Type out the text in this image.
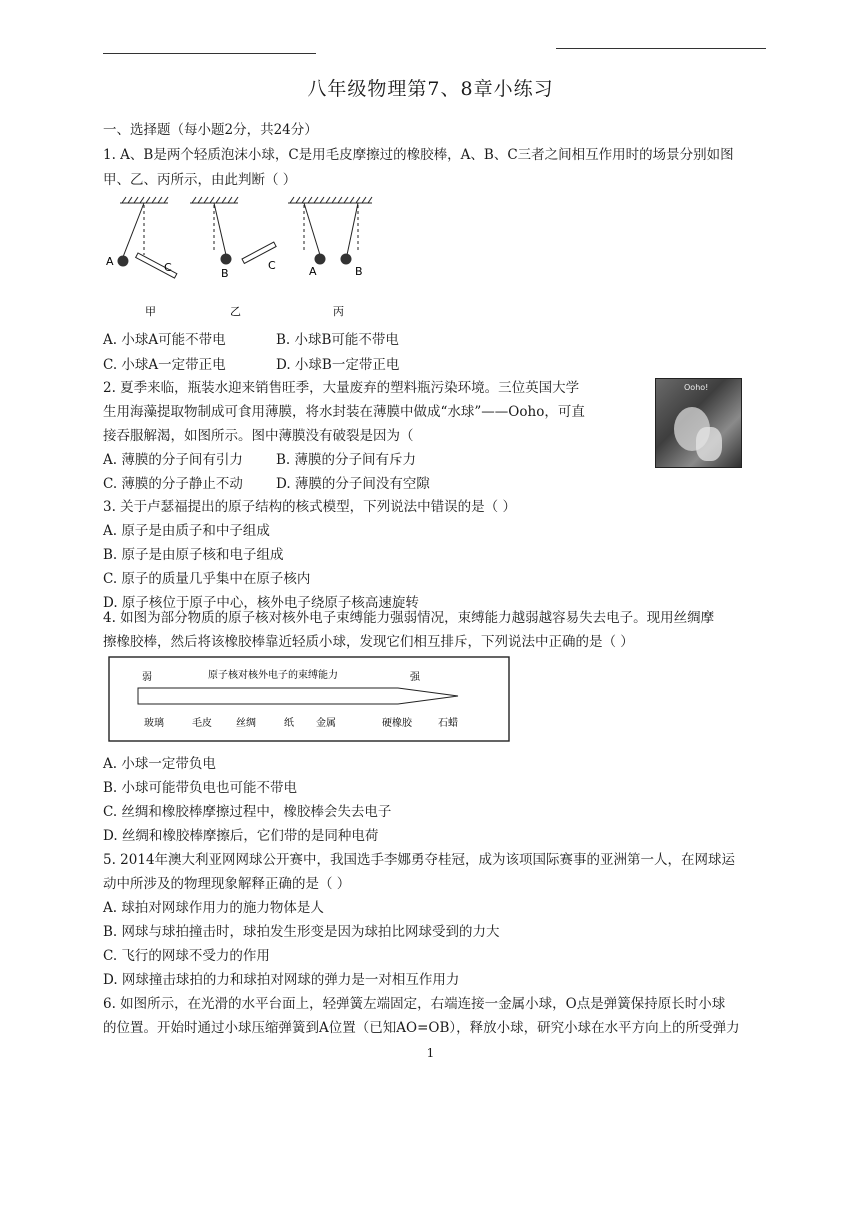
八年级物理第7、8章小练习
一、选择题（每小题2分，共24分）
1. A、B是两个轻质泡沫小球，C是用毛皮摩擦过的橡胶棒，A、B、C三者之间相互作用时的场景分别如图
甲、乙、丙所示，由此判断（ ）
A	C	B
C	A	B
甲	乙	丙
A. 小球A可能不带电	B. 小球B可能不带电
C. 小球A一定带正电	D. 小球B一定带正电
2. 夏季来临，瓶装水迎来销售旺季，大量废弃的塑料瓶污染环境。三位英国大学
生用海藻提取物制成可食用薄膜，将水封装在薄膜中做成“水球”——Ooho，可直
接吞服解渴，如图所示。图中薄膜没有破裂是因为（
Ooho!
A. 薄膜的分子间有引力 B. 薄膜的分子间有斥力
C. 薄膜的分子静止不动 D. 薄膜的分子间没有空隙
3. 关于卢瑟福提出的原子结构的核式模型，下列说法中错误的是（ ）
A. 原子是由质子和中子组成
B. 原子是由原子核和电子组成
C. 原子的质量几乎集中在原子核内
D. 原子核位于原子中心，核外电子绕原子核高速旋转
4. 如图为部分物质的原子核对核外电子束缚能力强弱情况，束缚能力越弱越容易失去电子。现用丝绸摩
擦橡胶棒，然后将该橡胶棒靠近轻质小球，发现它们相互排斥，下列说法中正确的是（ ）
弱	原子核对核外电子的束缚能力	强
玻璃	毛皮 丝绸	纸 金属	硬橡胶	石蜡
A. 小球一定带负电
B. 小球可能带负电也可能不带电
C. 丝绸和橡胶棒摩擦过程中，橡胶棒会失去电子
D. 丝绸和橡胶棒摩擦后，它们带的是同种电荷
5. 2014年澳大利亚网网球公开赛中，我国选手李娜勇夺桂冠，成为该项国际赛事的亚洲第一人，在网球运
动中所涉及的物理现象解释正确的是（ ）
A. 球拍对网球作用力的施力物体是人
B. 网球与球拍撞击时，球拍发生形变是因为球拍比网球受到的力大
C. 飞行的网球不受力的作用
D. 网球撞击球拍的力和球拍对网球的弹力是一对相互作用力
6. 如图所示，在光滑的水平台面上，轻弹簧左端固定，右端连接一金属小球，O点是弹簧保持原长时小球
的位置。开始时通过小球压缩弹簧到A位置（已知AO=OB），释放小球，研究小球在水平方向上的所受弹力
1
